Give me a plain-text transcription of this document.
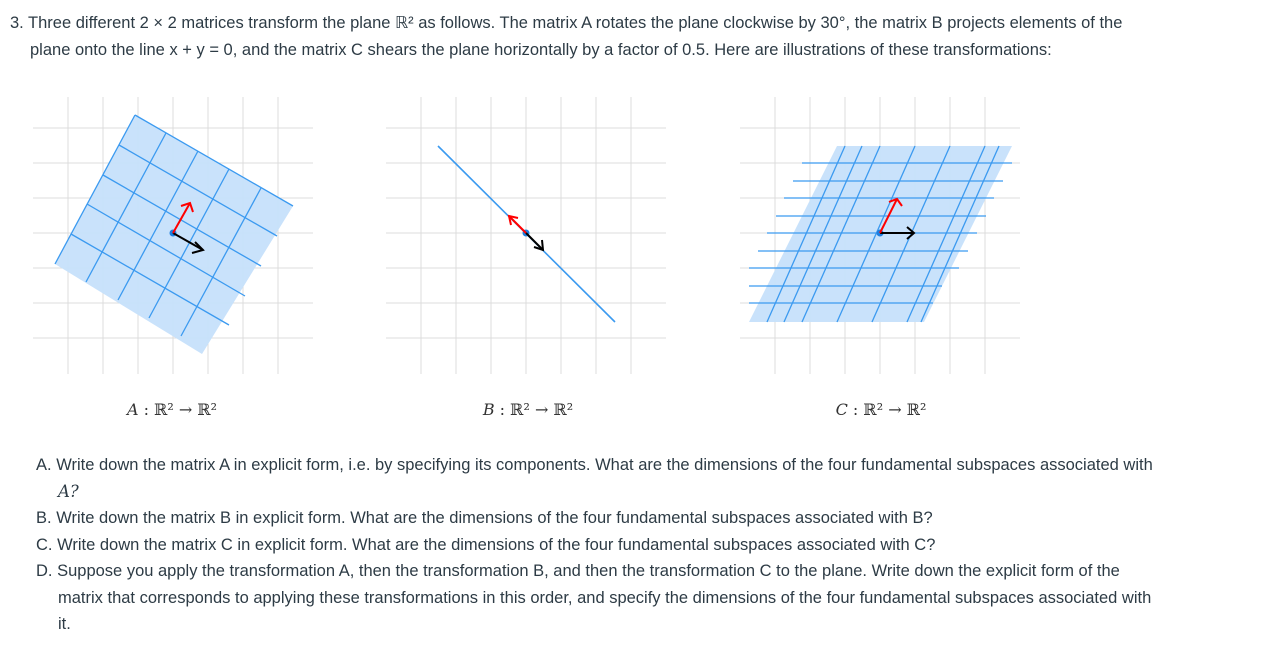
3. Three different 2 × 2 matrices transform the plane ℝ² as follows. The matrix A rotates the plane clockwise by 30°, the matrix B projects elements of the

plane onto the line x + y = 0, and the matrix C shears the plane horizontally by a factor of 0.5. Here are illustrations of these transformations:

A : ℝ² → ℝ²	B : ℝ² → ℝ²	C : ℝ² → ℝ²
A. Write down the matrix A in explicit form, i.e. by specifying its components. What are the dimensions of the four fundamental subspaces associated with
A?
B. Write down the matrix B in explicit form. What are the dimensions of the four fundamental subspaces associated with B?
C. Write down the matrix C in explicit form. What are the dimensions of the four fundamental subspaces associated with C?
D. Suppose you apply the transformation A, then the transformation B, and then the transformation C to the plane. Write down the explicit form of the
matrix that corresponds to applying these transformations in this order, and specify the dimensions of the four fundamental subspaces associated with
it.
